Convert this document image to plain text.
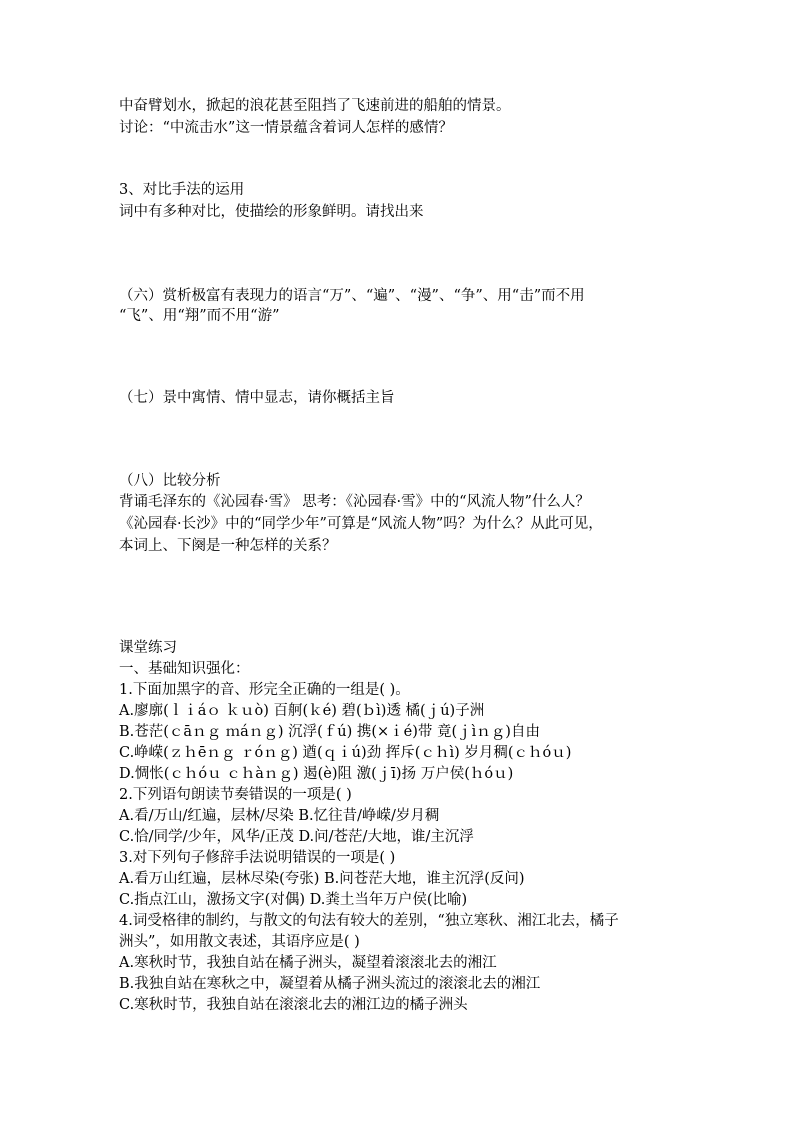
中奋臂划水，掀起的浪花甚至阻挡了飞速前进的船舶的情景。
讨论：“中流击水”这一情景蕴含着词人怎样的感情？
3、对比手法的运用
词中有多种对比，使描绘的形象鲜明。请找出来
（六）赏析极富有表现力的语言“万”、“遍”、“漫”、“争”、用“击”而不用
“飞”、用“翔”而不用“游”
（七）景中寓情、情中显志，请你概括主旨
（八）比较分析
背诵毛泽东的《沁园春·雪》 思考：《沁园春·雪》中的“风流人物”什么人？
《沁园春·长沙》中的“同学少年”可算是“风流人物”吗？为什么？从此可见，
本词上、下阕是一种怎样的关系？
课堂练习
一、基础知识强化：
1.下面加黑字的音、形完全正确的一组是( )。
A.廖廓(ｌｉáｏ ｋｕò) 百舸(ｋé) 碧(ｂì)透 橘(ｊú)子洲
B.苍茫(ｃāｎｇ ｍáｎｇ) 沉浮(ｆú) 携(×ｉé)带 竟(ｊìｎｇ)自由
C.峥嵘(ｚｈēｎｇ ｒóｎｇ) 遒(ｑｉú)劲 挥斥(ｃｈì) 岁月稠(ｃｈóｕ)
D.惆怅(ｃｈóｕ ｃｈàｎｇ) 遏(è)阻 激(ｊī)扬 万户侯(ｈóｕ)
2.下列语句朗读节奏错误的一项是( )
A.看/万山/红遍，层林/尽染 B.忆往昔/峥嵘/岁月稠
C.恰/同学/少年，风华/正茂 D.问/苍茫/大地，谁/主沉浮
3.对下列句子修辞手法说明错误的一项是( )
A.看万山红遍，层林尽染(夸张) B.问苍茫大地，谁主沉浮(反问)
C.指点江山，激扬文字(对偶) D.粪土当年万户侯(比喻)
4.词受格律的制约，与散文的句法有较大的差别，“独立寒秋、湘江北去，橘子
洲头”，如用散文表述，其语序应是( )
A.寒秋时节，我独自站在橘子洲头，凝望着滚滚北去的湘江
B.我独自站在寒秋之中，凝望着从橘子洲头流过的滚滚北去的湘江
C.寒秋时节，我独自站在滚滚北去的湘江边的橘子洲头
